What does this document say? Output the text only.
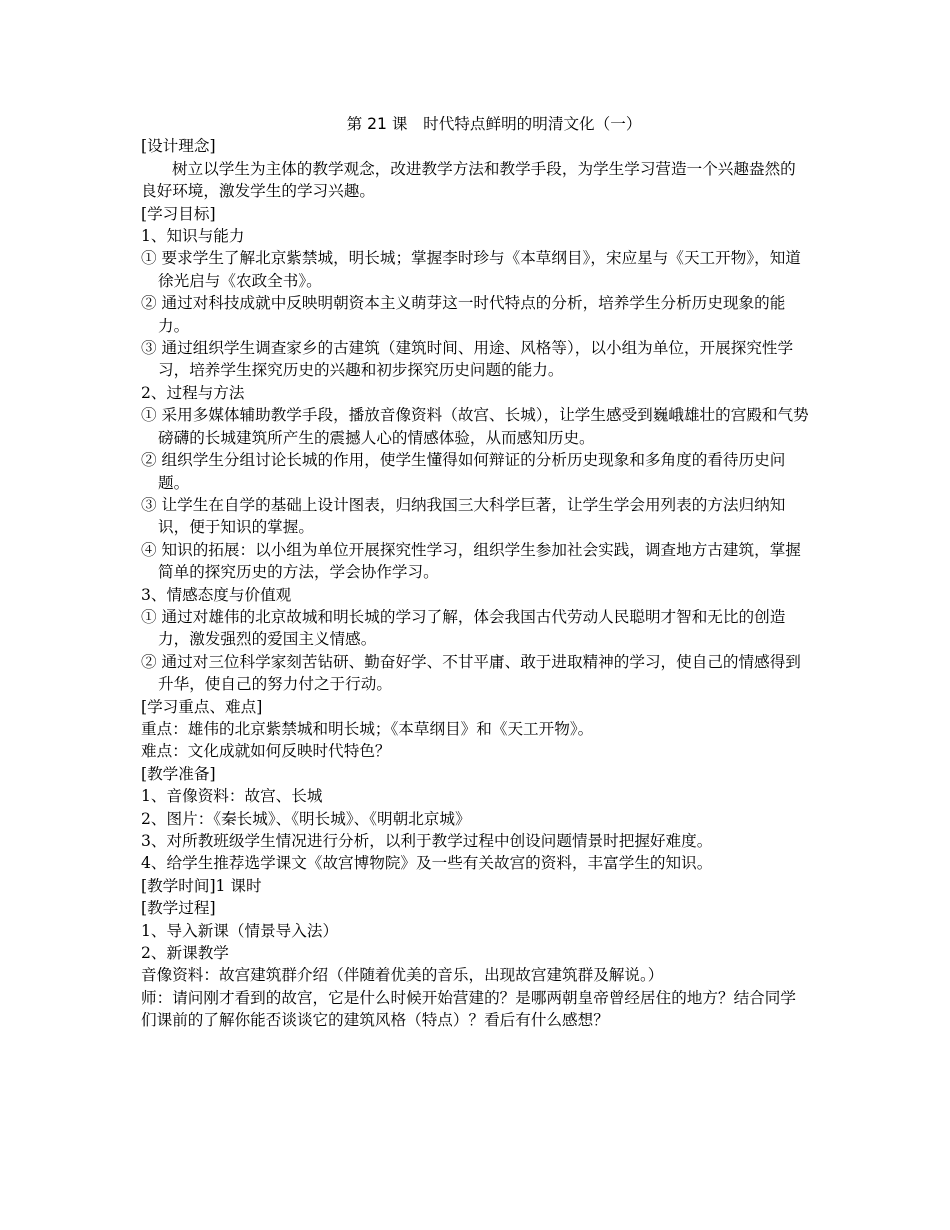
第 21 课　时代特点鲜明的明清文化（一）

[设计理念]

树立以学生为主体的教学观念，改进教学方法和教学手段，为学生学习营造一个兴趣盎然的良好环境，激发学生的学习兴趣。

[学习目标]

1、知识与能力

① 要求学生了解北京紫禁城，明长城；掌握李时珍与《本草纲目》，宋应星与《天工开物》，知道徐光启与《农政全书》。

② 通过对科技成就中反映明朝资本主义萌芽这一时代特点的分析，培养学生分析历史现象的能力。

③ 通过组织学生调查家乡的古建筑（建筑时间、用途、风格等），以小组为单位，开展探究性学习，培养学生探究历史的兴趣和初步探究历史问题的能力。

2、过程与方法

① 采用多媒体辅助教学手段，播放音像资料（故宫、长城），让学生感受到巍峨雄壮的宫殿和气势磅礴的长城建筑所产生的震撼人心的情感体验，从而感知历史。

② 组织学生分组讨论长城的作用，使学生懂得如何辩证的分析历史现象和多角度的看待历史问题。

③ 让学生在自学的基础上设计图表，归纳我国三大科学巨著，让学生学会用列表的方法归纳知识，便于知识的掌握。

④ 知识的拓展：以小组为单位开展探究性学习，组织学生参加社会实践，调查地方古建筑，掌握简单的探究历史的方法，学会协作学习。

3、情感态度与价值观

① 通过对雄伟的北京故城和明长城的学习了解，体会我国古代劳动人民聪明才智和无比的创造力，激发强烈的爱国主义情感。

② 通过对三位科学家刻苦钻研、勤奋好学、不甘平庸、敢于进取精神的学习，使自己的情感得到升华，使自己的努力付之于行动。

[学习重点、难点]

重点：雄伟的北京紫禁城和明长城；《本草纲目》和《天工开物》。

难点：文化成就如何反映时代特色？

[教学准备]

1、音像资料：故宫、长城

2、图片：《秦长城》、《明长城》、《明朝北京城》

3、对所教班级学生情况进行分析，以利于教学过程中创设问题情景时把握好难度。

4、给学生推荐选学课文《故宫博物院》及一些有关故宫的资料，丰富学生的知识。

[教学时间]1 课时

[教学过程]

1、导入新课（情景导入法）

2、新课教学

音像资料：故宫建筑群介绍（伴随着优美的音乐，出现故宫建筑群及解说。）

师：请问刚才看到的故宫，它是什么时候开始营建的？是哪两朝皇帝曾经居住的地方？结合同学们课前的了解你能否谈谈它的建筑风格（特点）？看后有什么感想？
